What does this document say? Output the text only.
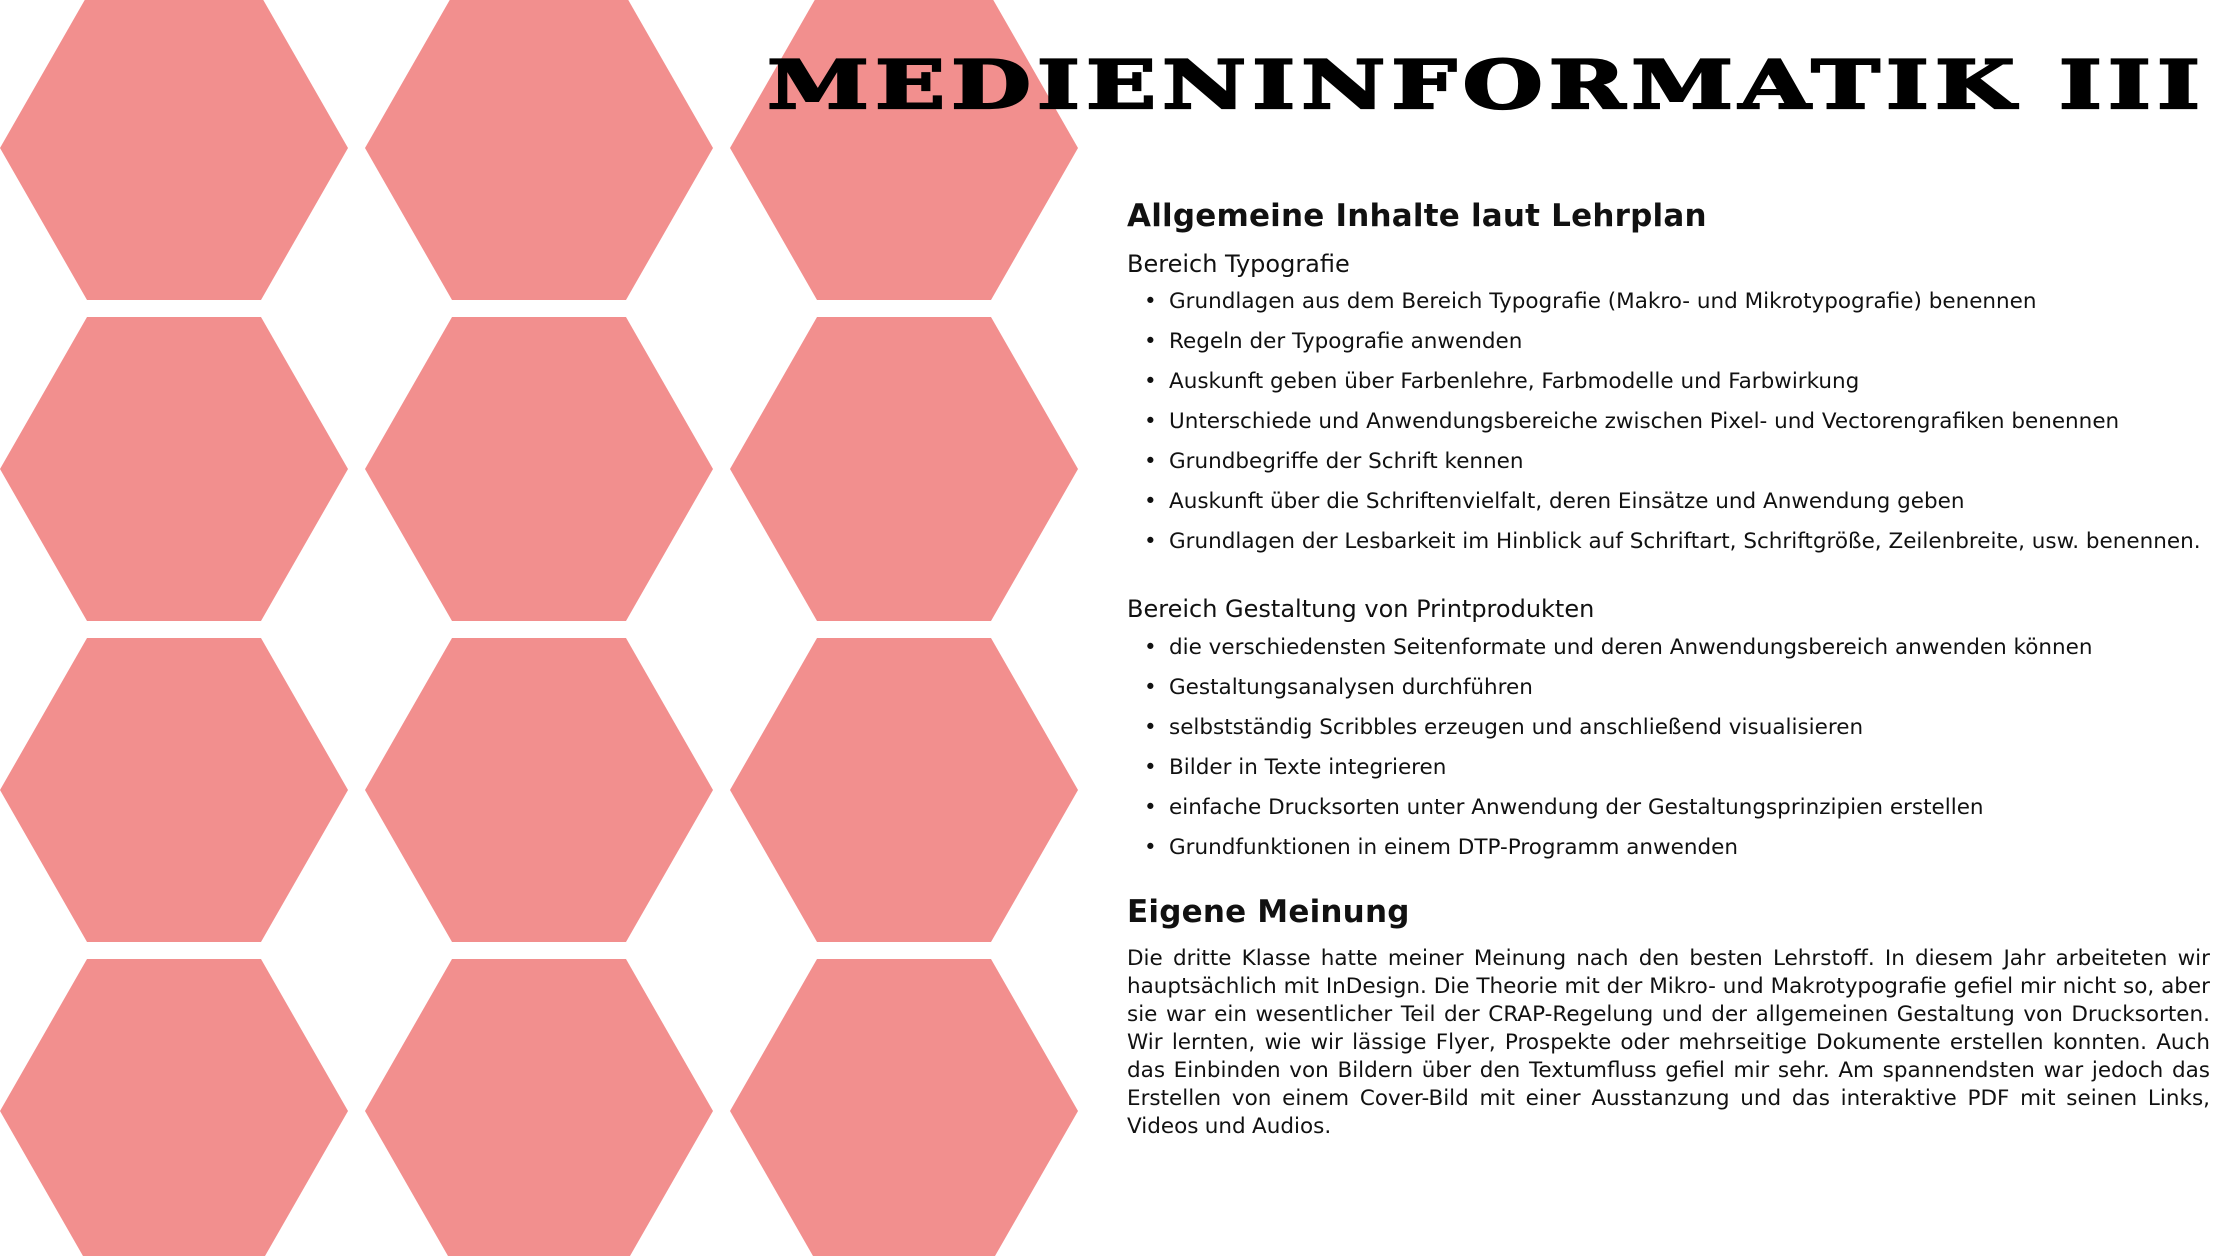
MEDIENINFORMATIK III
Allgemeine Inhalte laut Lehrplan
Bereich Typografie
• Grundlagen aus dem Bereich Typografie (Makro- und Mikrotypografie) benennen
• Regeln der Typografie anwenden
• Auskunft geben über Farbenlehre, Farbmodelle und Farbwirkung
• Unterschiede und Anwendungsbereiche zwischen Pixel- und Vectorengrafiken benennen
• Grundbegriffe der Schrift kennen
• Auskunft über die Schriftenvielfalt, deren Einsätze und Anwendung geben
• Grundlagen der Lesbarkeit im Hinblick auf Schriftart, Schriftgröße, Zeilenbreite, usw. benennen.
Bereich Gestaltung von Printprodukten
• die verschiedensten Seitenformate und deren Anwendungsbereich anwenden können
• Gestaltungsanalysen durchführen
• selbstständig Scribbles erzeugen und anschließend visualisieren
• Bilder in Texte integrieren
• einfache Drucksorten unter Anwendung der Gestaltungsprinzipien erstellen
• Grundfunktionen in einem DTP-Programm anwenden
Eigene Meinung

Die dritte Klasse hatte meiner Meinung nach den besten Lehrstoff. In diesem Jahr arbeiteten wir hauptsächlich mit InDesign. Die Theorie mit der Mikro- und Makrotypografie gefiel mir nicht so, aber sie war ein wesentlicher Teil der CRAP-Regelung und der allgemeinen Gestaltung von Drucksorten. Wir lernten, wie wir lässige Flyer, Prospekte oder mehrseitige Dokumente erstellen konnten. Auch das Einbinden von Bildern über den Textumfluss gefiel mir sehr. Am spannendsten war jedoch das Erstellen von einem Cover-Bild mit einer Ausstanzung und das interaktive PDF mit seinen Links, Videos und Audios.
